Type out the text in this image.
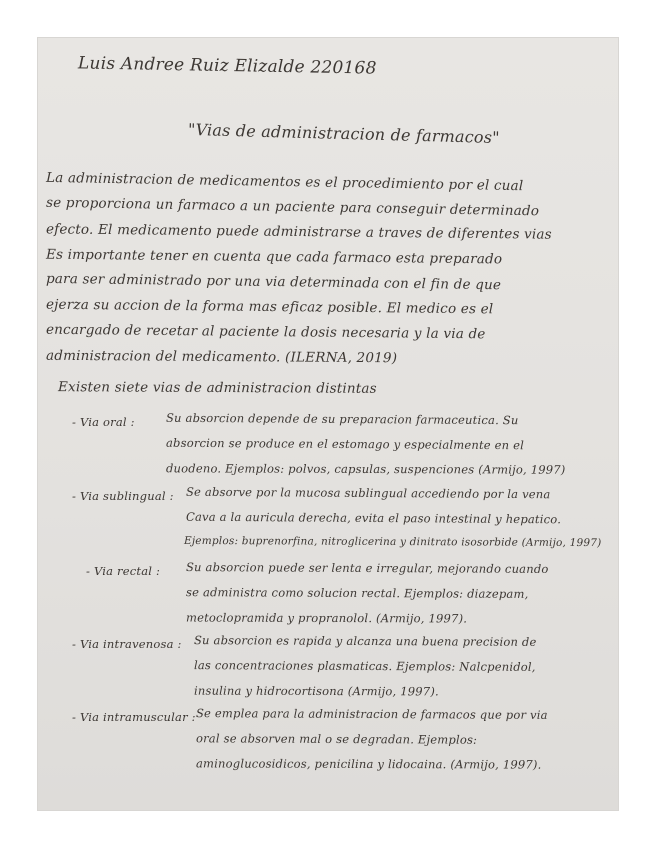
Luis Andree Ruiz Elizalde 220168
"Vias de administracion de farmacos"
La administracion de medicamentos es el procedimiento por el cual
se proporciona un farmaco a un paciente para conseguir determinado
efecto. El medicamento puede administrarse a traves de diferentes vias
Es importante tener en cuenta que cada farmaco esta preparado
para ser administrado por una via determinada con el fin de que
ejerza su accion de la forma mas eficaz posible. El medico es el
encargado de recetar al paciente la dosis necesaria y la via de
administracion del medicamento. (ILERNA, 2019)
Existen siete vias de administracion distintas
- Via oral :	Su absorcion depende de su preparacion farmaceutica. Su
absorcion se produce en el estomago y especialmente en el
duodeno. Ejemplos: polvos, capsulas, suspenciones (Armijo, 1997)
- Via sublingual : Se absorve por la mucosa sublingual accediendo por la vena
Cava a la auricula derecha, evita el paso intestinal y hepatico.
Ejemplos: buprenorfina, nitroglicerina y dinitrato isosorbide (Armijo, 1997)
- Via rectal : Su absorcion puede ser lenta e irregular, mejorando cuando
se administra como solucion rectal. Ejemplos: diazepam,
metoclopramida y propranolol. (Armijo, 1997).
- Via intravenosa : Su absorcion es rapida y alcanza una buena precision de
las concentraciones plasmaticas. Ejemplos: Nalcpenidol,
insulina y hidrocortisona (Armijo, 1997).
- Via intramuscular : Se emplea para la administracion de farmacos que por via
oral se absorven mal o se degradan. Ejemplos:
aminoglucosidicos, penicilina y lidocaina. (Armijo, 1997).
